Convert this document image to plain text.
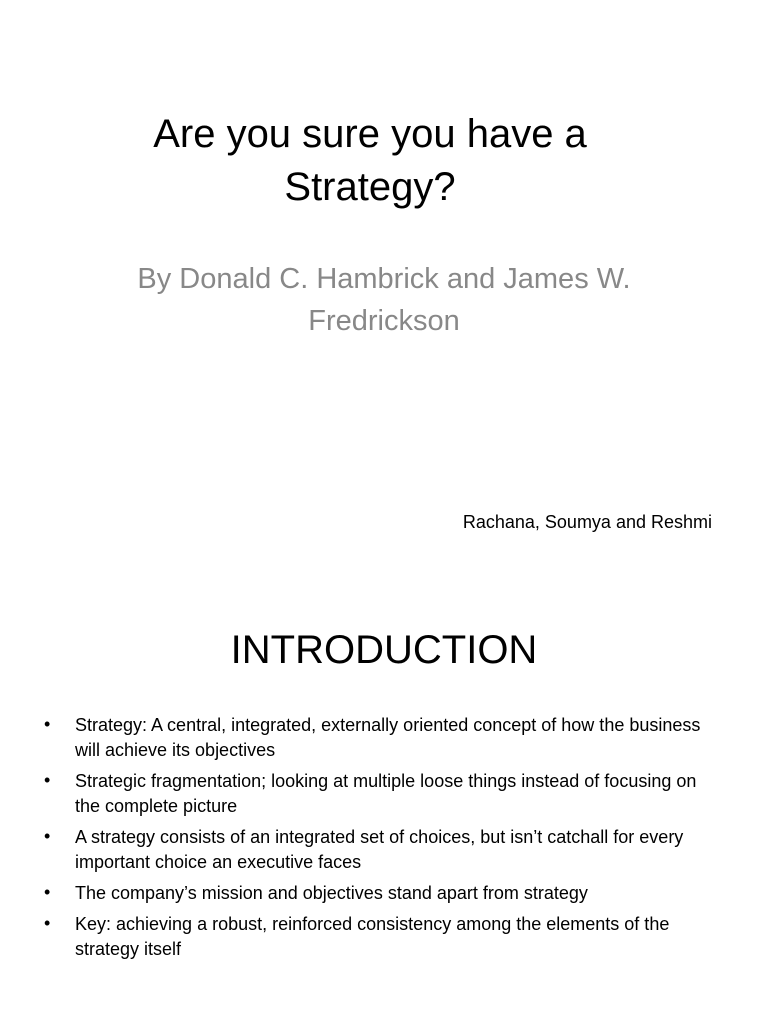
Are you sure you have a Strategy?
By Donald C. Hambrick and James W. Fredrickson
Rachana, Soumya and Reshmi
INTRODUCTION
• Strategy: A central, integrated, externally oriented concept of how the business will achieve its objectives
• Strategic fragmentation; looking at multiple loose things instead of focusing on the complete picture
• A strategy consists of an integrated set of choices, but isn’t catchall for every important choice an executive faces
• The company’s mission and objectives stand apart from strategy
• Key: achieving a robust, reinforced consistency among the elements of the strategy itself
